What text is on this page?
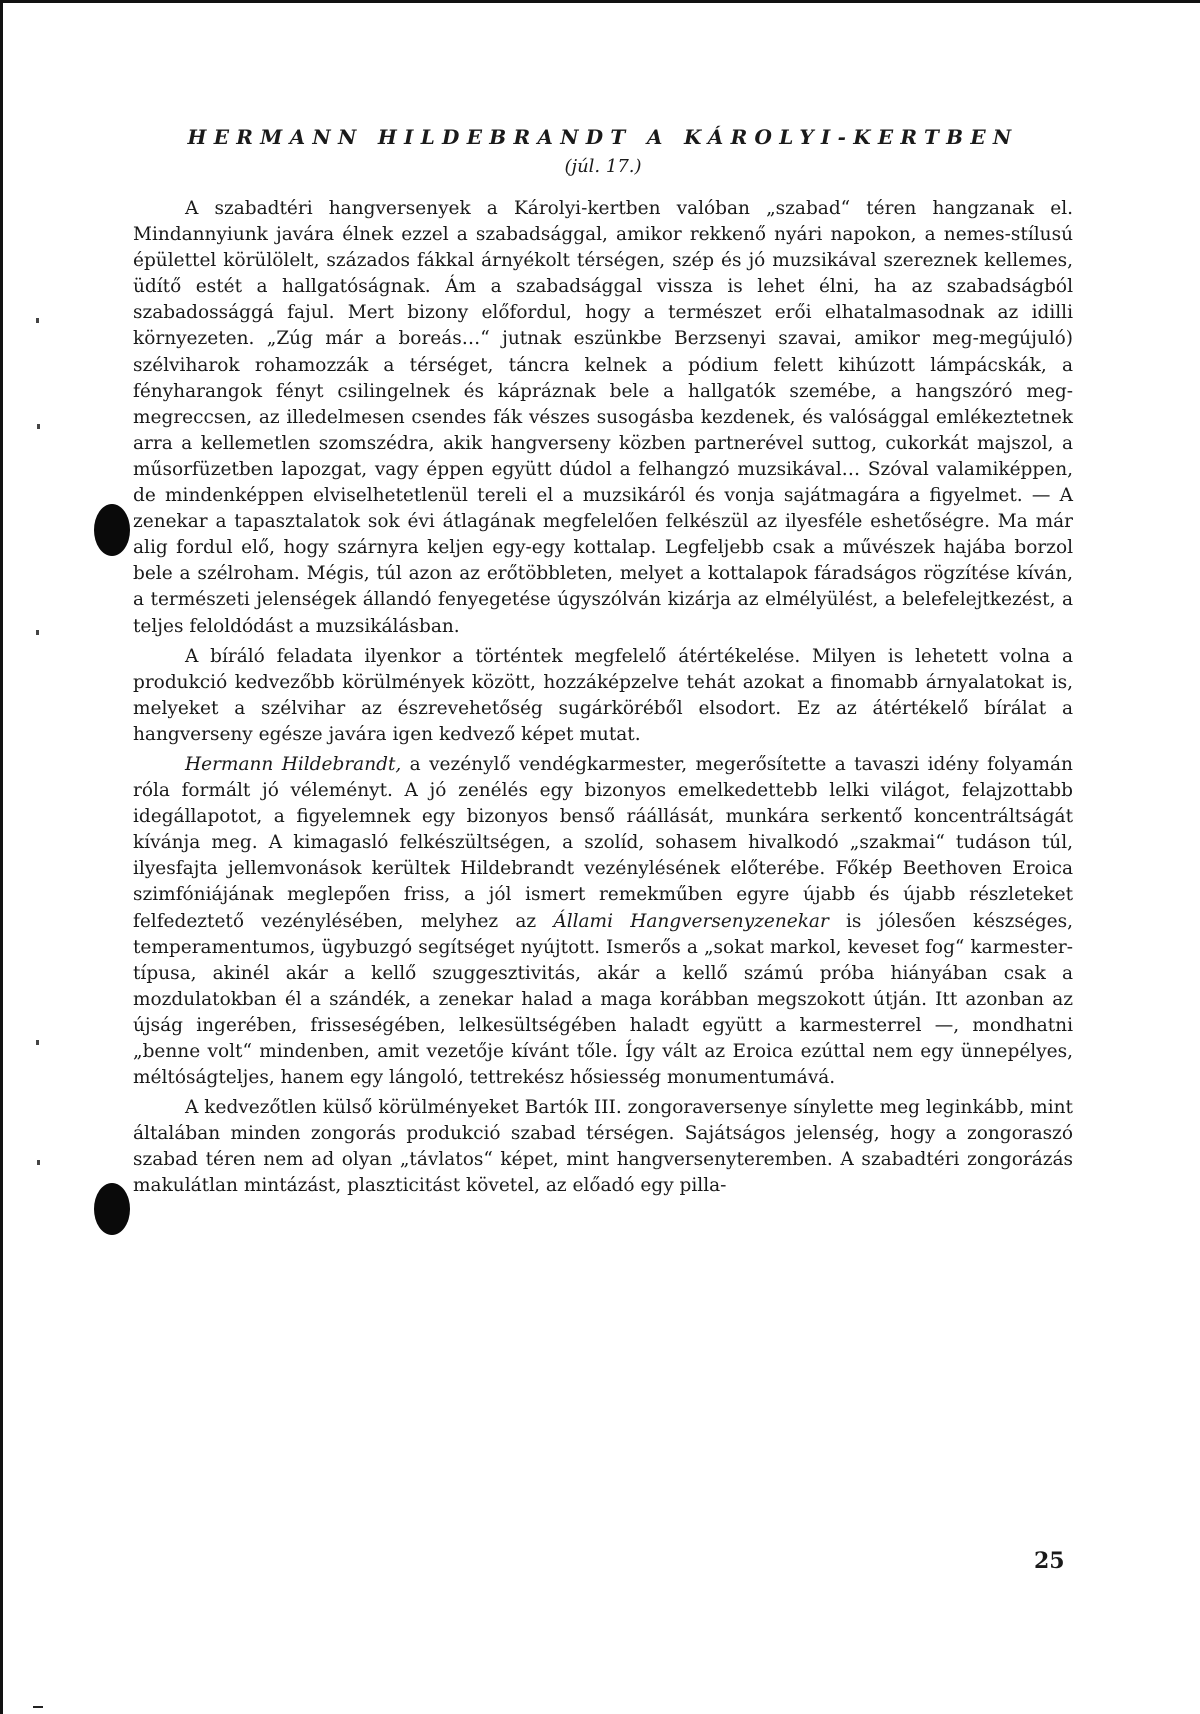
HERMANN HILDEBRANDT A KÁROLYI-KERTBEN
(júl. 17.)

A szabadtéri hangversenyek a Károlyi-kertben valóban „szabad“ téren hangzanak el. Mindannyiunk javára élnek ezzel a szabadsággal, amikor rekkenő nyári napokon, a nemes-stílusú épülettel körülölelt, százados fákkal árnyékolt térségen, szép és jó muzsikával szereznek kellemes, üdítő estét a hallgatóságnak. Ám a szabadsággal vissza is lehet élni, ha az szabadságból szabadossággá fajul. Mert bizony előfordul, hogy a természet erői elhatalmasodnak az idilli környezeten. „Zúg már a boreás…“ jutnak eszünkbe Berzsenyi szavai, amikor meg-megújuló) szélviharok rohamozzák a térséget, táncra kelnek a pódium felett kihúzott lámpácskák, a fényharangok fényt csilingelnek és kápráznak bele a hallgatók szemébe, a hangszóró meg-megreccsen, az illedelmesen csendes fák vészes susogásba kezdenek, és valósággal emlékeztetnek arra a kellemetlen szomszédra, akik hangverseny közben partnerével suttog, cukorkát majszol, a műsorfüzetben lapozgat, vagy éppen együtt dúdol a felhangzó muzsikával… Szóval valamiképpen, de mindenképpen elviselhetetlenül tereli el a muzsikáról és vonja sajátmagára a figyelmet. — A zenekar a tapasztalatok sok évi átlagának megfelelően felkészül az ilyesféle eshetőségre. Ma már alig fordul elő, hogy szárnyra keljen egy-egy kottalap. Legfeljebb csak a művészek hajába borzol bele a szélroham. Mégis, túl azon az erőtöbbleten, melyet a kottalapok fáradságos rögzítése kíván, a természeti jelenségek állandó fenyegetése úgyszólván kizárja az elmélyülést, a belefelejtkezést, a teljes feloldódást a muzsikálásban.

A bíráló feladata ilyenkor a történtek megfelelő átértékelése. Milyen is lehetett volna a produkció kedvezőbb körülmények között, hozzáképzelve tehát azokat a finomabb árnyalatokat is, melyeket a szélvihar az észrevehetőség sugárköréből elsodort. Ez az átértékelő bírálat a hangverseny egésze javára igen kedvező képet mutat.

Hermann Hildebrandt, a vezénylő vendégkarmester, megerősítette a tavaszi idény folyamán róla formált jó véleményt. A jó zenélés egy bizonyos emelkedettebb lelki világot, felajzottabb idegállapotot, a figyelemnek egy bizonyos benső ráállását, munkára serkentő koncentráltságát kívánja meg. A kimagasló felkészültségen, a szolíd, sohasem hivalkodó „szakmai“ tudáson túl, ilyesfajta jellemvonások kerültek Hildebrandt vezénylésének előterébe. Főkép Beethoven Eroica szimfóniájának meglepően friss, a jól ismert remekműben egyre újabb és újabb részleteket felfedeztető vezénylésében, melyhez az Állami Hangversenyzenekar is jólesően készséges, temperamentumos, ügybuzgó segítséget nyújtott. Ismerős a „sokat markol, keveset fog“ karmester-típusa, akinél akár a kellő szuggesztivitás, akár a kellő számú próba hiányában csak a mozdulatokban él a szándék, a zenekar halad a maga korábban megszokott útján. Itt azonban az újság ingerében, frisseségében, lelkesültségében haladt együtt a karmesterrel —, mondhatni „benne volt“ mindenben, amit vezetője kívánt tőle. Így vált az Eroica ezúttal nem egy ünnepélyes, méltóságteljes, hanem egy lángoló, tettrekész hősiesség monumentumává.

A kedvezőtlen külső körülményeket Bartók III. zongoraversenye sínylette meg leginkább, mint általában minden zongorás produkció szabad térségen. Sajátságos jelenség, hogy a zongoraszó szabad téren nem ad olyan „távlatos“ képet, mint hangversenyteremben. A szabadtéri zongorázás makulátlan mintázást, plaszticitást követel, az előadó egy pilla-

25
